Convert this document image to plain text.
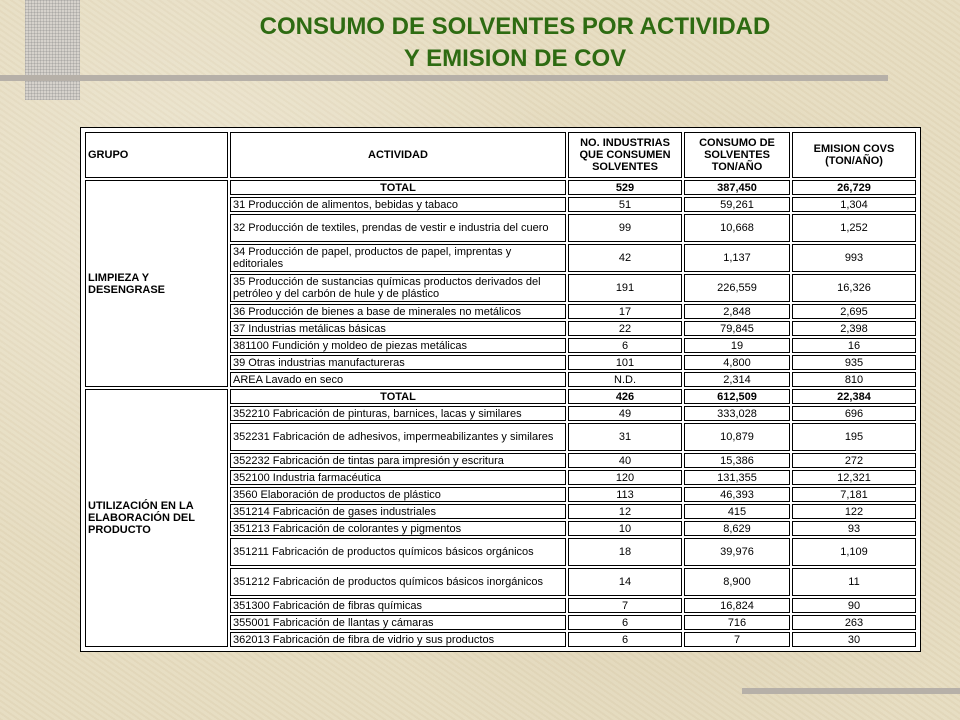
CONSUMO DE SOLVENTES POR ACTIVIDAD
Y EMISION DE COV
GRUPO	ACTIVIDAD	NO. INDUSTRIAS QUE CONSUMEN SOLVENTES	CONSUMO DE SOLVENTES TON/AÑO	EMISION COVS (TON/AÑO)
LIMPIEZA Y DESENGRASE	TOTAL	529	387,450	26,729
	31 Producción de alimentos, bebidas y tabaco	51	59,261	1,304
	32 Producción de textiles, prendas de vestir e industria del cuero	99	10,668	1,252
	34 Producción de papel, productos de papel, imprentas y editoriales	42	1,137	993
	35 Producción de sustancias químicas productos derivados del petróleo y del carbón de hule y de plástico	191	226,559	16,326
	36 Producción de bienes a base de minerales no metálicos	17	2,848	2,695
	37 Industrias metálicas básicas	22	79,845	2,398
	381100 Fundición y moldeo de piezas metálicas	6	19	16
	39 Otras industrias manufactureras	101	4,800	935
	AREA Lavado en seco	N.D.	2,314	810
UTILIZACIÓN EN LA ELABORACIÓN DEL PRODUCTO	TOTAL	426	612,509	22,384
	352210 Fabricación de pinturas, barnices, lacas y similares	49	333,028	696
	352231 Fabricación de adhesivos, impermeabilizantes y similares	31	10,879	195
	352232 Fabricación de tintas para impresión y escritura	40	15,386	272
	352100 Industria farmacéutica	120	131,355	12,321
	3560 Elaboración de productos de plástico	113	46,393	7,181
	351214 Fabricación de gases industriales	12	415	122
	351213 Fabricación de colorantes y pigmentos	10	8,629	93
	351211 Fabricación de productos químicos básicos orgánicos	18	39,976	1,109
	351212 Fabricación de productos químicos básicos inorgánicos	14	8,900	11
	351300 Fabricación de fibras químicas	7	16,824	90
	355001 Fabricación de llantas y cámaras	6	716	263
	362013 Fabricación de fibra de vidrio y sus productos	6	7	30
